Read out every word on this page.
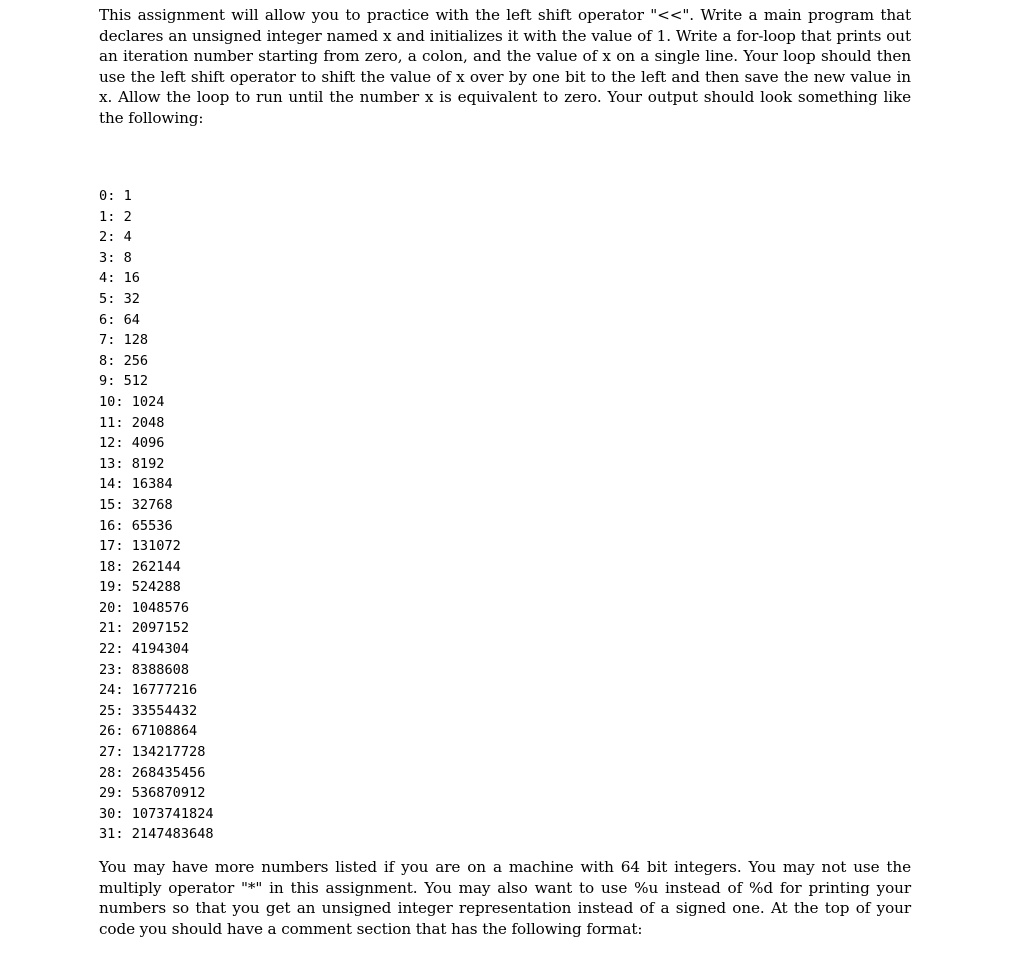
This assignment will allow you to practice with the left shift operator "<<". Write a main program that declares an unsigned integer named x and initializes it with the value of 1. Write a for-loop that prints out an iteration number starting from zero, a colon, and the value of x on a single line. Your loop should then use the left shift operator to shift the value of x over by one bit to the left and then save the new value in x. Allow the loop to run until the number x is equivalent to zero. Your output should look something like the following:

0 : 1
1 : 2
2 : 4
3 : 8
4 : 16
5 : 32
6 : 64
7 : 128
8 : 256
9 : 512
10 : 1024
11 : 2048
12 : 4096
13 : 8192
14 : 16384
15 : 32768
16 : 65536
17 : 131072
18 : 262144
19 : 524288
20 : 1048576
21 : 2097152
22 : 4194304
23 : 8388608
24 : 16777216
25 : 33554432
26 : 67108864
27 : 134217728
28 : 268435456
29 : 536870912
30 : 1073741824
31 : 2147483648

You may have more numbers listed if you are on a machine with 64 bit integers. You may not use the multiply operator "*" in this assignment. You may also want to use %u instead of %d for printing your numbers so that you get an unsigned integer representation instead of a signed one. At the top of your code you should have a comment section that has the following format:
